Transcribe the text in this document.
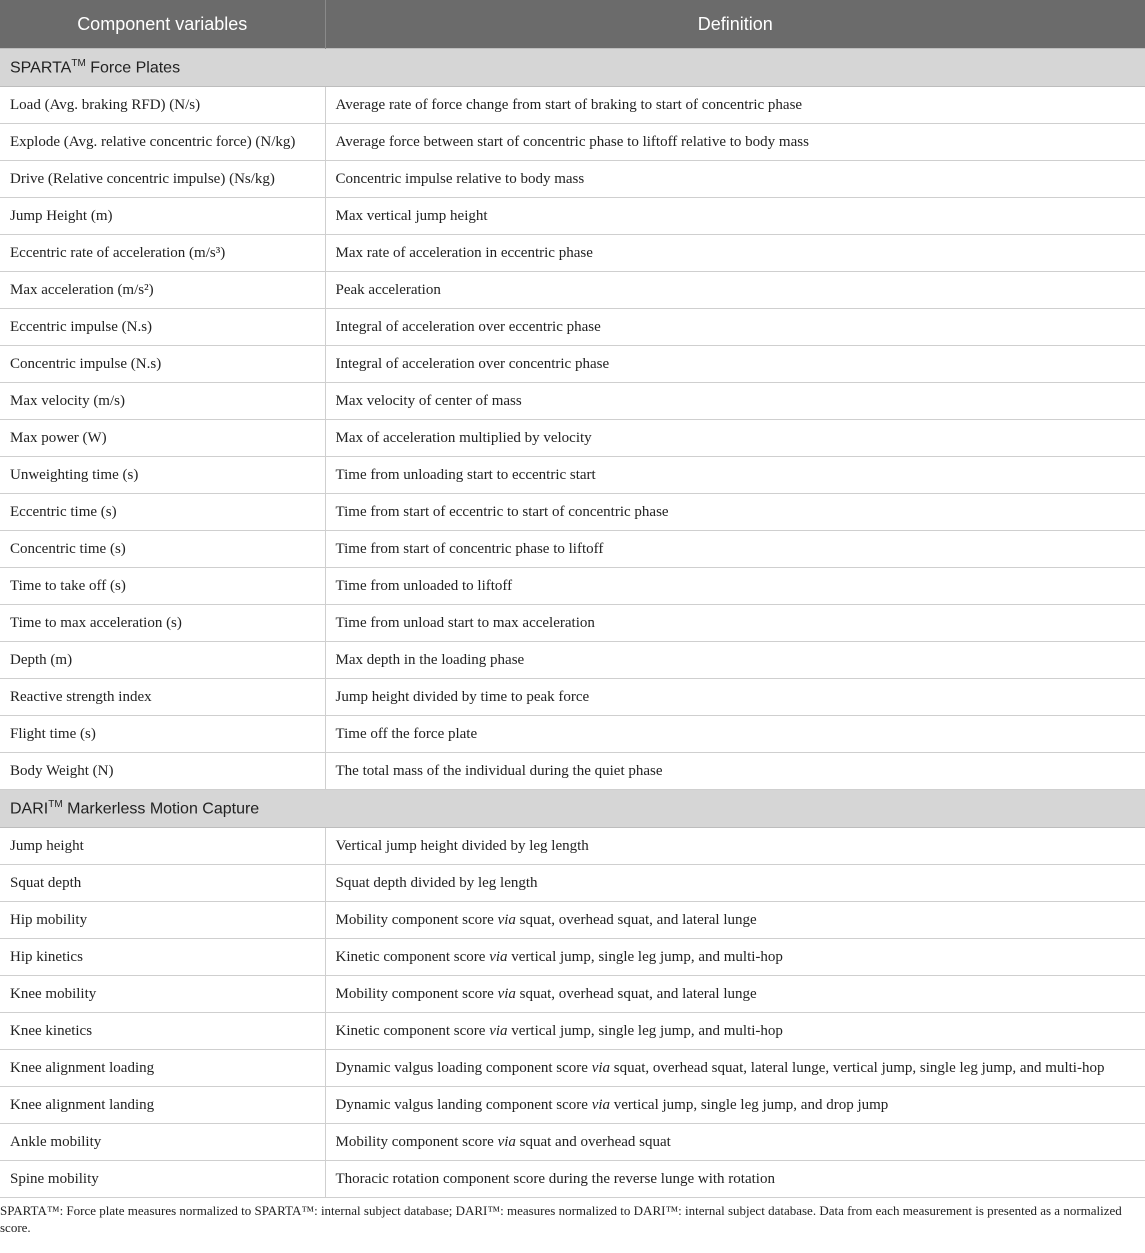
Component variables	Definition
SPARTA™ Force Plates	
Load (Avg. braking RFD) (N/s)	Average rate of force change from start of braking to start of concentric phase
Explode (Avg. relative concentric force) (N/kg)	Average force between start of concentric phase to liftoff relative to body mass
Drive (Relative concentric impulse) (Ns/kg)	Concentric impulse relative to body mass
Jump Height (m)	Max vertical jump height
Eccentric rate of acceleration (m/s³)	Max rate of acceleration in eccentric phase
Max acceleration (m/s²)	Peak acceleration
Eccentric impulse (N.s)	Integral of acceleration over eccentric phase
Concentric impulse (N.s)	Integral of acceleration over concentric phase
Max velocity (m/s)	Max velocity of center of mass
Max power (W)	Max of acceleration multiplied by velocity
Unweighting time (s)	Time from unloading start to eccentric start
Eccentric time (s)	Time from start of eccentric to start of concentric phase
Concentric time (s)	Time from start of concentric phase to liftoff
Time to take off (s)	Time from unloaded to liftoff
Time to max acceleration (s)	Time from unload start to max acceleration
Depth (m)	Max depth in the loading phase
Reactive strength index	Jump height divided by time to peak force
Flight time (s)	Time off the force plate
Body Weight (N)	The total mass of the individual during the quiet phase
DARI™ Markerless Motion Capture	
Jump height	Vertical jump height divided by leg length
Squat depth	Squat depth divided by leg length
Hip mobility	Mobility component score via squat, overhead squat, and lateral lunge
Hip kinetics	Kinetic component score via vertical jump, single leg jump, and multi-hop
Knee mobility	Mobility component score via squat, overhead squat, and lateral lunge
Knee kinetics	Kinetic component score via vertical jump, single leg jump, and multi-hop
Knee alignment loading	Dynamic valgus loading component score via squat, overhead squat, lateral lunge, vertical jump, single leg jump, and multi-hop
Knee alignment landing	Dynamic valgus landing component score via vertical jump, single leg jump, and drop jump
Ankle mobility	Mobility component score via squat and overhead squat
Spine mobility	Thoracic rotation component score during the reverse lunge with rotation
SPARTA™: Force plate measures normalized to SPARTA™: internal subject database; DARI™: measures normalized to DARI™: internal subject database. Data from each measurement is presented as a normalized score.
